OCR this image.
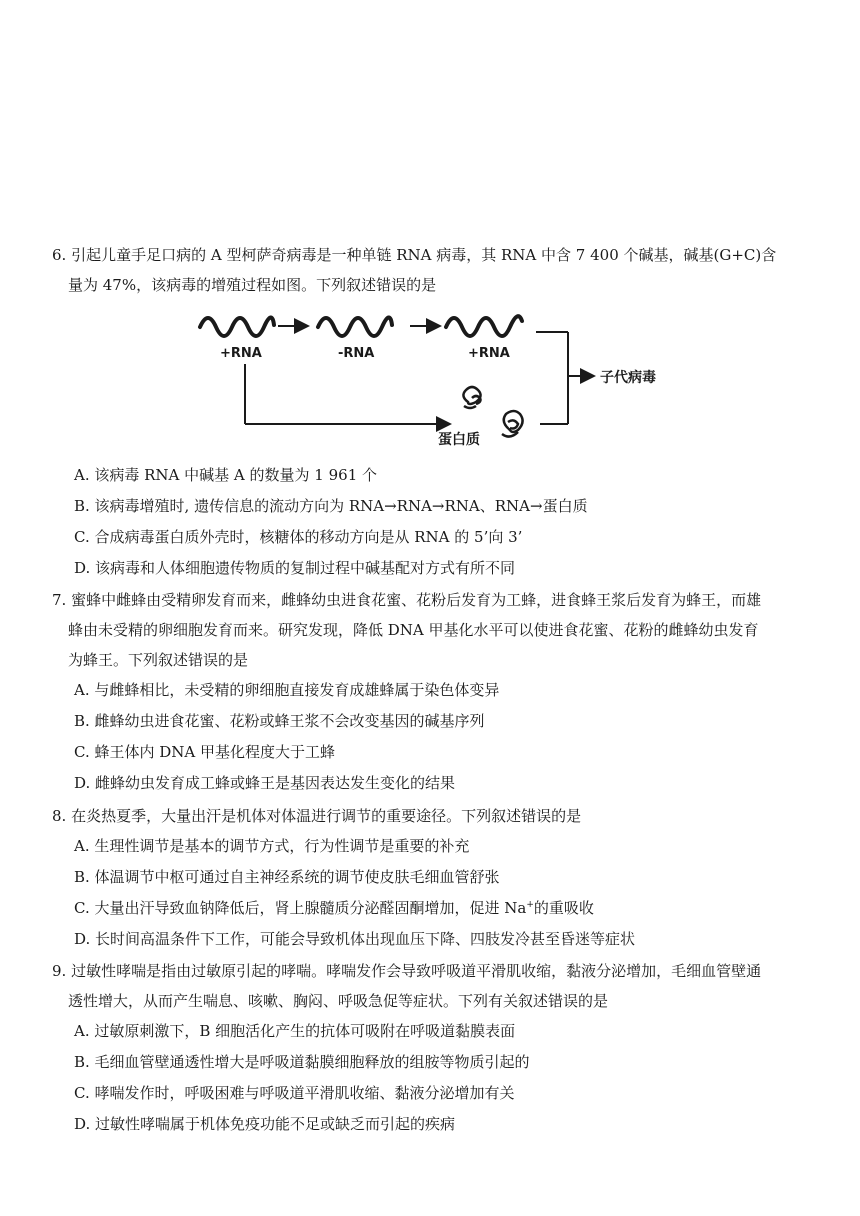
6. 引起儿童手足口病的 A 型柯萨奇病毒是一种单链 RNA 病毒，其 RNA 中含 7 400 个碱基，碱基(G+C)含
量为 47%，该病毒的增殖过程如图。下列叙述错误的是

+RNA	-RNA	+RNA
子代病毒
蛋白质

A. 该病毒 RNA 中碱基 A 的数量为 1 961 个

B. 该病毒增殖时, 遗传信息的流动方向为 RNA→RNA→RNA、RNA→蛋白质

C. 合成病毒蛋白质外壳时，核糖体的移动方向是从 RNA 的 5’向 3’

D. 该病毒和人体细胞遗传物质的复制过程中碱基配对方式有所不同

7. 蜜蜂中雌蜂由受精卵发育而来，雌蜂幼虫进食花蜜、花粉后发育为工蜂，进食蜂王浆后发育为蜂王，而雄
蜂由未受精的卵细胞发育而来。研究发现，降低 DNA 甲基化水平可以使进食花蜜、花粉的雌蜂幼虫发育
为蜂王。下列叙述错误的是

A. 与雌蜂相比，未受精的卵细胞直接发育成雄蜂属于染色体变异

B. 雌蜂幼虫进食花蜜、花粉或蜂王浆不会改变基因的碱基序列

C. 蜂王体内 DNA 甲基化程度大于工蜂

D. 雌蜂幼虫发育成工蜂或蜂王是基因表达发生变化的结果

8. 在炎热夏季，大量出汗是机体对体温进行调节的重要途径。下列叙述错误的是

A. 生理性调节是基本的调节方式，行为性调节是重要的补充

B. 体温调节中枢可通过自主神经系统的调节使皮肤毛细血管舒张

C. 大量出汗导致血钠降低后，肾上腺髓质分泌醛固酮增加，促进 Na+的重吸收

D. 长时间高温条件下工作，可能会导致机体出现血压下降、四肢发冷甚至昏迷等症状

9. 过敏性哮喘是指由过敏原引起的哮喘。哮喘发作会导致呼吸道平滑肌收缩，黏液分泌增加，毛细血管壁通
透性增大，从而产生喘息、咳嗽、胸闷、呼吸急促等症状。下列有关叙述错误的是

A. 过敏原刺激下，B 细胞活化产生的抗体可吸附在呼吸道黏膜表面

B. 毛细血管壁通透性增大是呼吸道黏膜细胞释放的组胺等物质引起的

C. 哮喘发作时，呼吸困难与呼吸道平滑肌收缩、黏液分泌增加有关

D. 过敏性哮喘属于机体免疫功能不足或缺乏而引起的疾病
